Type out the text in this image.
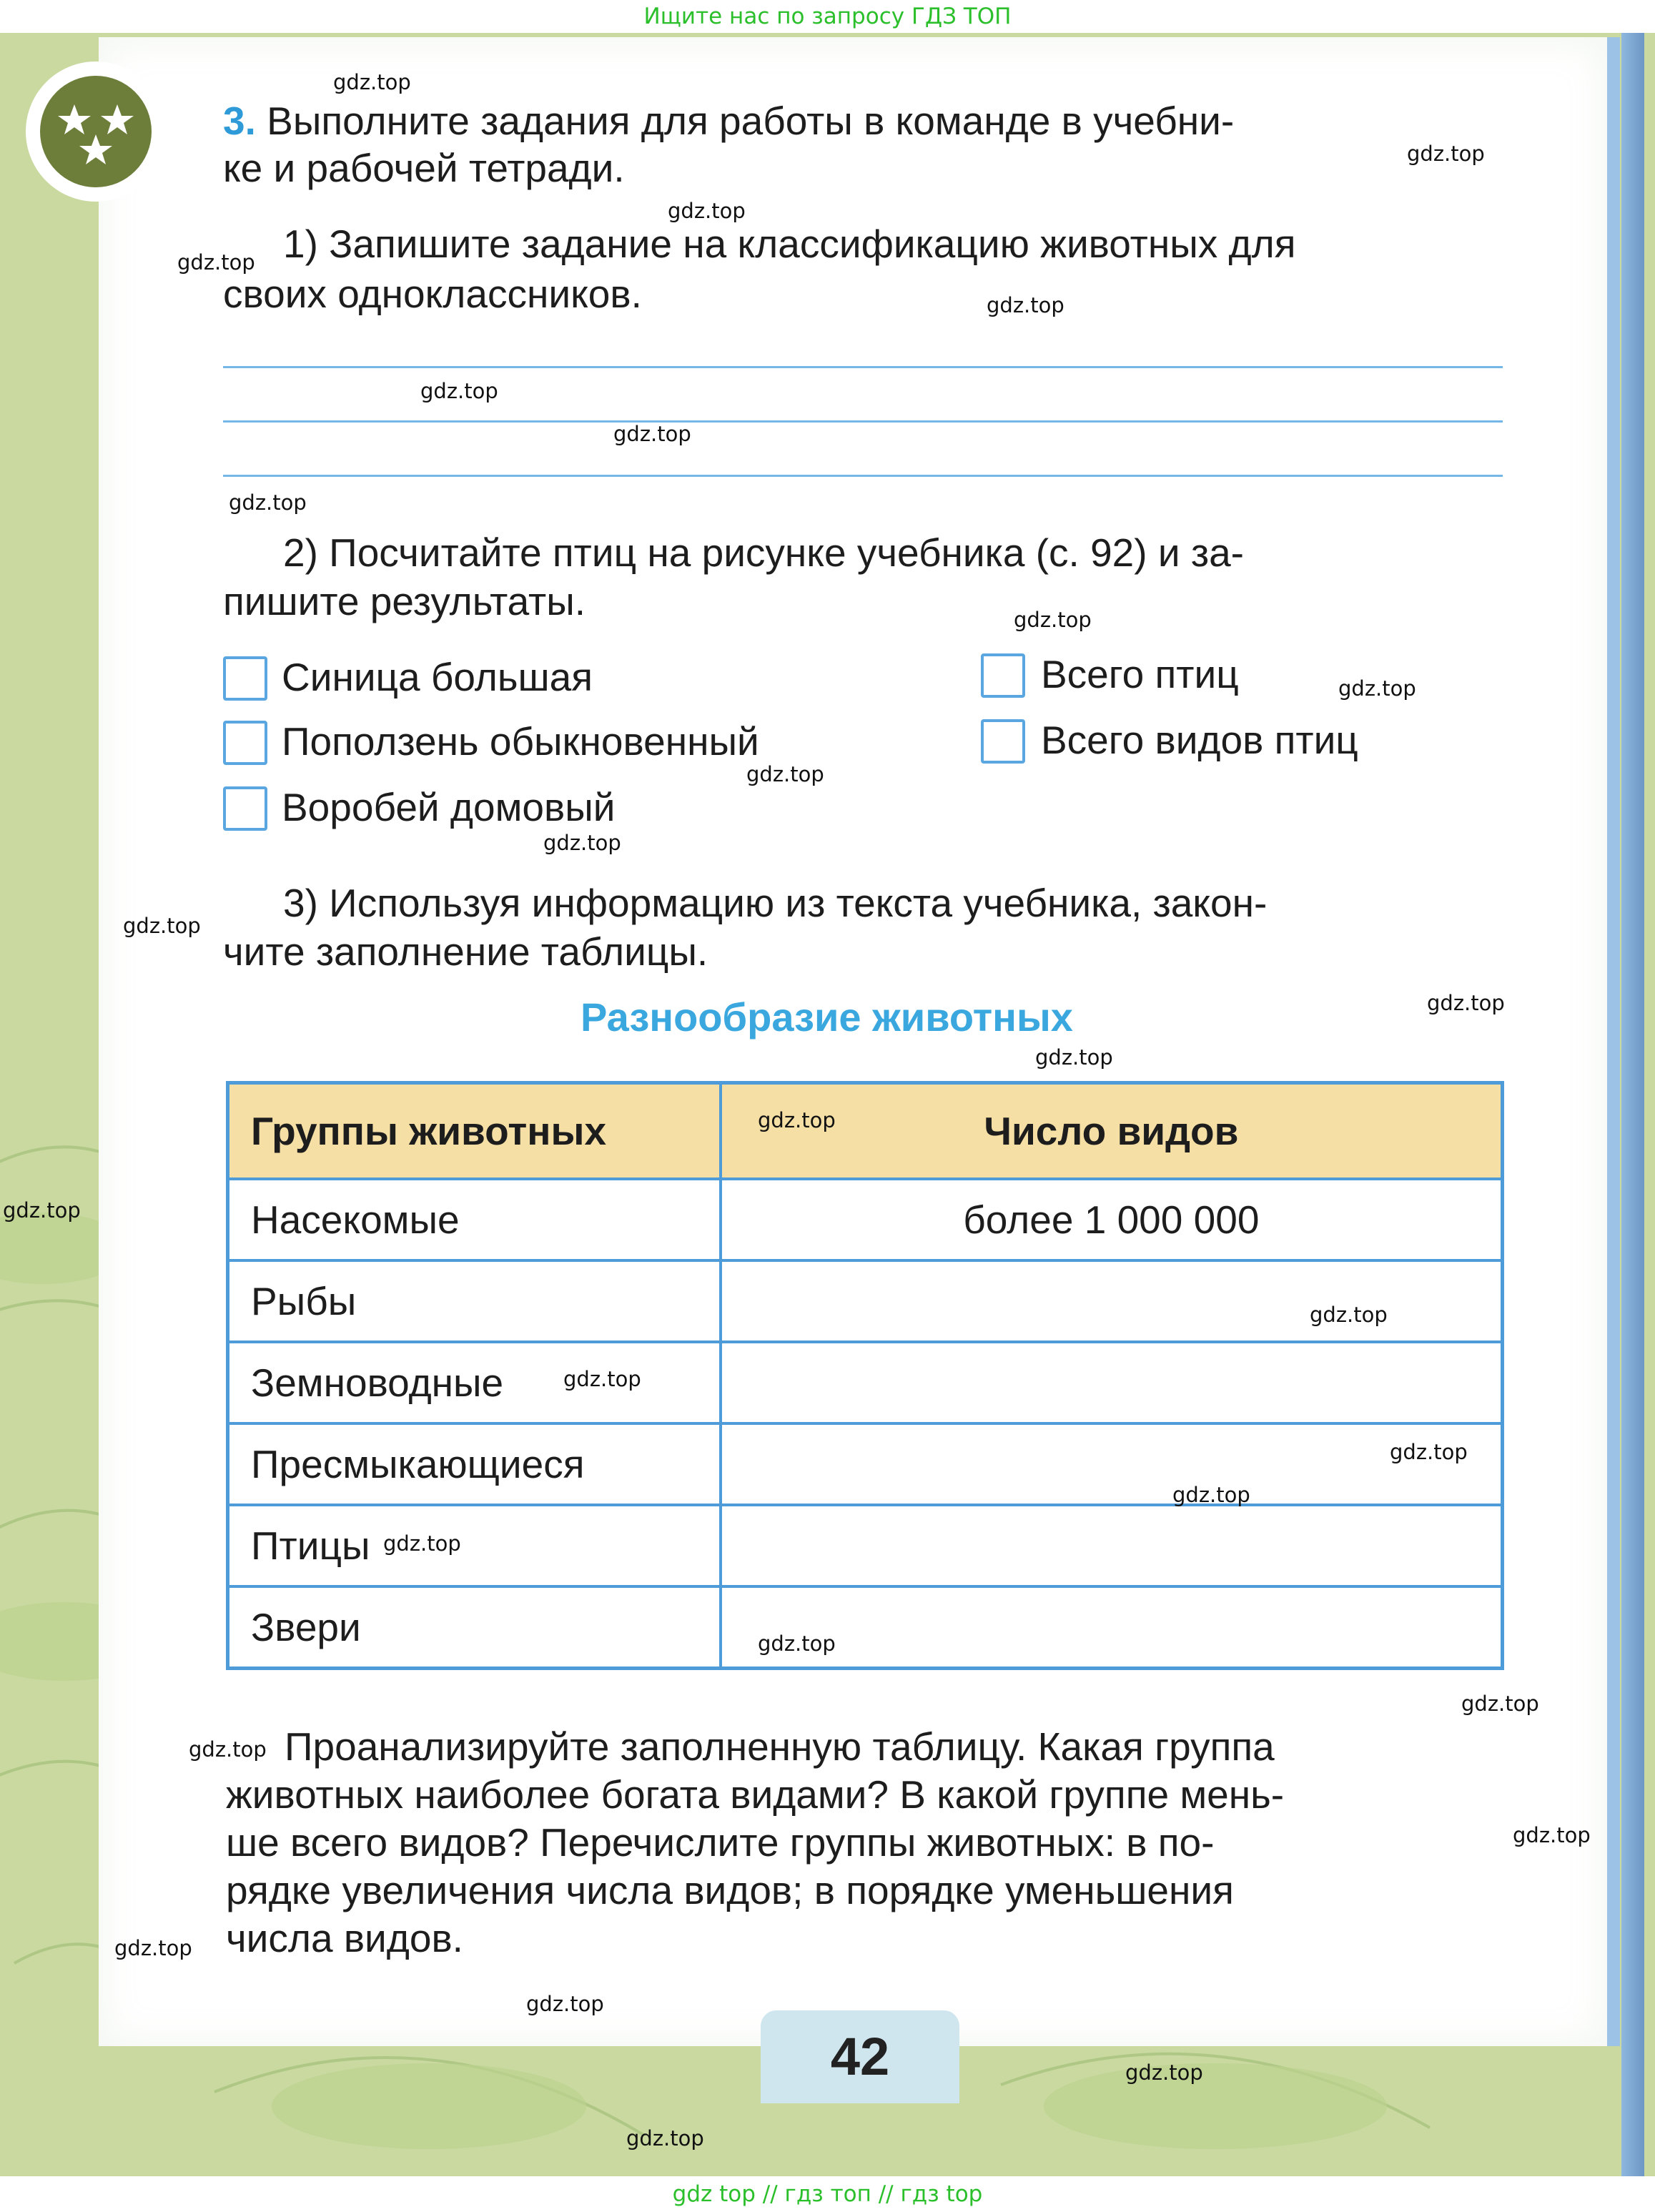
Ищите нас по запросу ГДЗ ТОП
3. Выполните задания для работы в команде в учебни-
ке и рабочей тетради.
1) Запишите задание на классификацию животных для
своих одноклассников.
2) Посчитайте птиц на рисунке учебника (с. 92) и за-
пишите результаты.
Синица большая
Поползень обыкновенный
Воробей домовый
Всего птиц
Всего видов птиц
3) Используя информацию из текста учебника, закон-
чите заполнение таблицы.
Разнообразие животных
Группы животных	Число видов
Насекомые	более 1 000 000
Рыбы	
Земноводные	
Пресмыкающиеся	
Птицы	
Звери	
Проанализируйте заполненную таблицу. Какая группа
животных наиболее богата видами? В какой группе мень-
ше всего видов? Перечислите группы животных: в по-
рядке увеличения числа видов; в порядке уменьшения
числа видов.
42
gdz.top
gdz.top
gdz.top
gdz.top
gdz.top
gdz.top
gdz.top
gdz.top
gdz.top
gdz.top
gdz.top
gdz.top
gdz.top
gdz.top
gdz.top
gdz.top
gdz.top
gdz.top
gdz.top
gdz.top
gdz.top
gdz.top
gdz.top
gdz.top
gdz.top
gdz.top
gdz.top
gdz.top
gdz.top
gdz.top
gdz top // гдз топ // гдз top
